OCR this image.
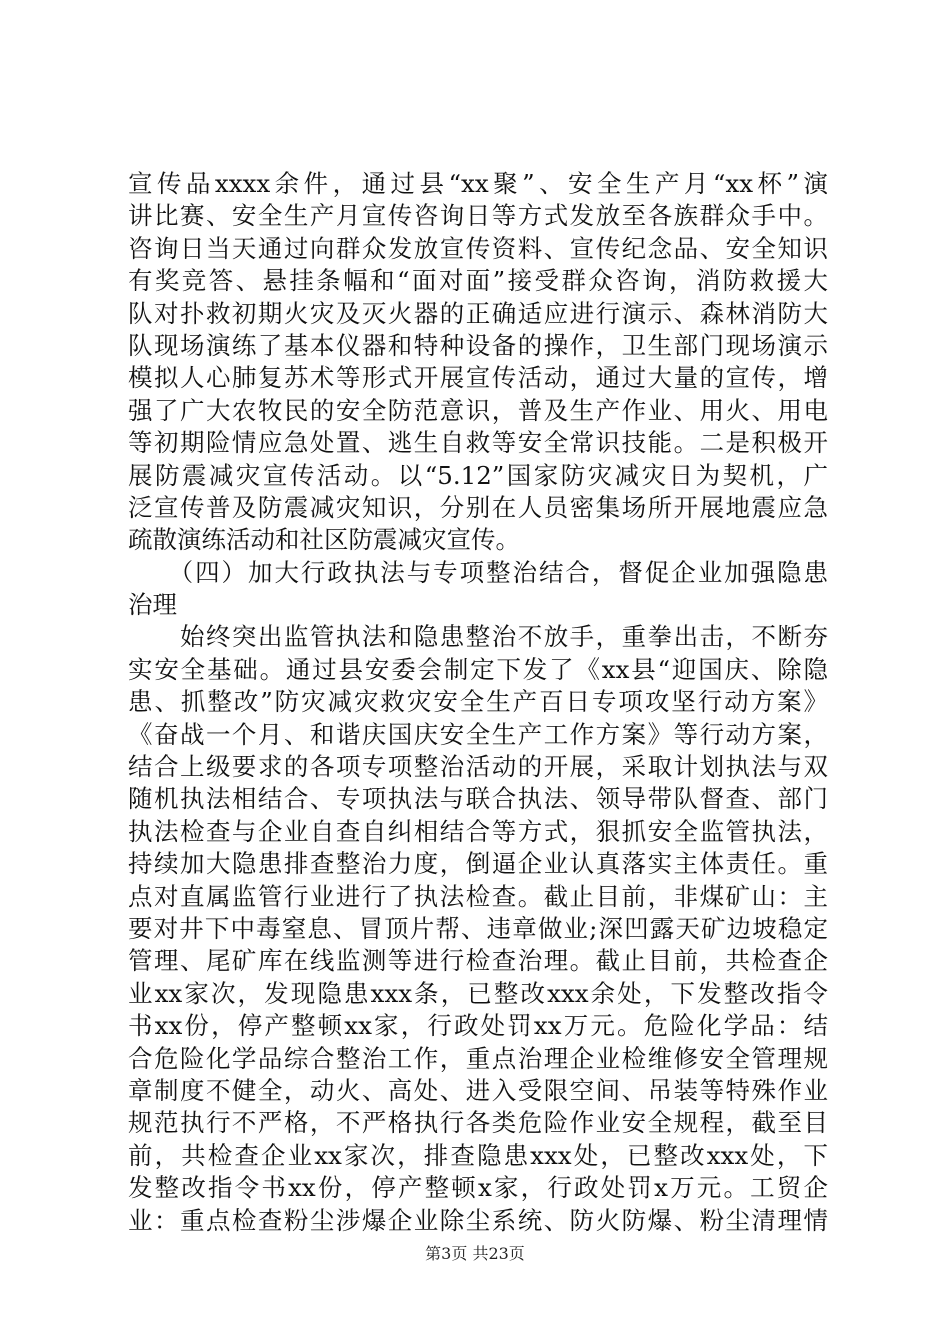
宣传品xxxx余件，通过县“xx聚”、安全生产月“xx杯”演
讲比赛、安全生产月宣传咨询日等方式发放至各族群众手中。
咨询日当天通过向群众发放宣传资料、宣传纪念品、安全知识
有奖竞答、悬挂条幅和“面对面”接受群众咨询，消防救援大
队对扑救初期火灾及灭火器的正确适应进行演示、森林消防大
队现场演练了基本仪器和特种设备的操作，卫生部门现场演示
模拟人心肺复苏术等形式开展宣传活动，通过大量的宣传，增
强了广大农牧民的安全防范意识，普及生产作业、用火、用电
等初期险情应急处置、逃生自救等安全常识技能。二是积极开
展防震减灾宣传活动。以“5.12”国家防灾减灾日为契机，广
泛宣传普及防震减灾知识，分别在人员密集场所开展地震应急
疏散演练活动和社区防震减灾宣传。
　　（四）加大行政执法与专项整治结合，督促企业加强隐患
治理
　　始终突出监管执法和隐患整治不放手，重拳出击，不断夯
实安全基础。通过县安委会制定下发了《xx县“迎国庆、除隐
患、抓整改”防灾减灾救灾安全生产百日专项攻坚行动方案》
《奋战一个月、和谐庆国庆安全生产工作方案》等行动方案，
结合上级要求的各项专项整治活动的开展，采取计划执法与双
随机执法相结合、专项执法与联合执法、领导带队督查、部门
执法检查与企业自查自纠相结合等方式，狠抓安全监管执法，
持续加大隐患排查整治力度，倒逼企业认真落实主体责任。重
点对直属监管行业进行了执法检查。截止目前，非煤矿山：主
要对井下中毒窒息、冒顶片帮、违章做业;深凹露天矿边坡稳定
管理、尾矿库在线监测等进行检查治理。截止目前，共检查企
业xx家次，发现隐患xxx条，已整改xxx余处，下发整改指令
书xx份，停产整顿xx家，行政处罚xx万元。危险化学品：结
合危险化学品综合整治工作，重点治理企业检维修安全管理规
章制度不健全，动火、高处、进入受限空间、吊装等特殊作业
规范执行不严格，不严格执行各类危险作业安全规程，截至目
前，共检查企业xx家次，排查隐患xxx处，已整改xxx处，下
发整改指令书xx份，停产整顿x家，行政处罚x万元。工贸企
业：重点检查粉尘涉爆企业除尘系统、防火防爆、粉尘清理情
第3页 共23页
